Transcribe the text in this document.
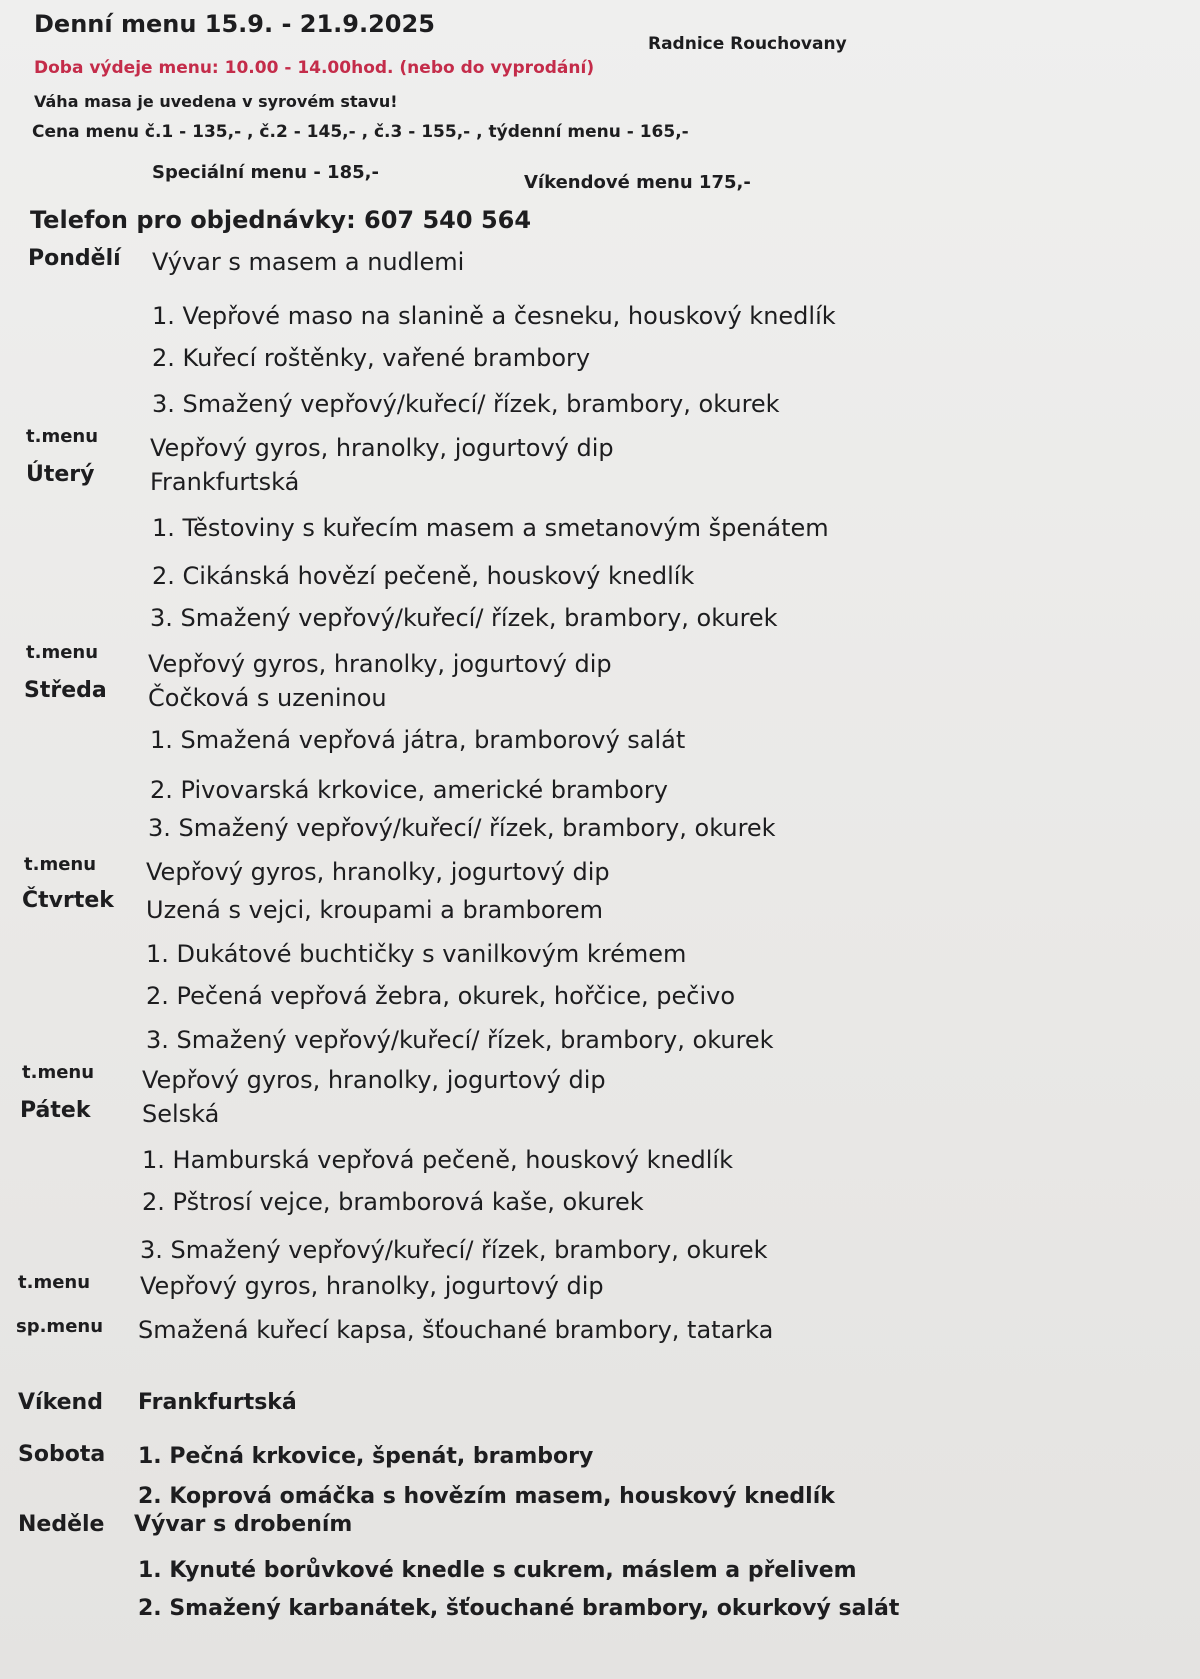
Denní menu 15.9. - 21.9.2025
Radnice Rouchovany
Doba výdeje menu: 10.00 - 14.00hod. (nebo do vyprodání)
Váha masa je uvedena v syrovém stavu!
Cena menu č.1 - 135,- , č.2 - 145,- , č.3 - 155,- , týdenní menu - 165,-
Speciální menu - 185,-	Víkendové menu 175,-
Telefon pro objednávky: 607 540 564
Pondělí Vývar s masem a nudlemi
1. Vepřové maso na slanině a česneku, houskový knedlík
2. Kuřecí roštěnky, vařené brambory
3. Smažený vepřový/kuřecí/ řízek, brambory, okurek
t.menu Vepřový gyros, hranolky, jogurtový dip
Úterý Frankfurtská
1. Těstoviny s kuřecím masem a smetanovým špenátem
2. Cikánská hovězí pečeně, houskový knedlík
3. Smažený vepřový/kuřecí/ řízek, brambory, okurek
t.menu Vepřový gyros, hranolky, jogurtový dip
Středa Čočková s uzeninou
1. Smažená vepřová játra, bramborový salát
2. Pivovarská krkovice, americké brambory
3. Smažený vepřový/kuřecí/ řízek, brambory, okurek
t.menu Vepřový gyros, hranolky, jogurtový dip
Čtvrtek Uzená s vejci, kroupami a bramborem
1. Dukátové buchtičky s vanilkovým krémem
2. Pečená vepřová žebra, okurek, hořčice, pečivo
3. Smažený vepřový/kuřecí/ řízek, brambory, okurek
t.menu Vepřový gyros, hranolky, jogurtový dip
Pátek Selská
1. Hamburská vepřová pečeně, houskový knedlík
2. Pštrosí vejce, bramborová kaše, okurek
3. Smažený vepřový/kuřecí/ řízek, brambory, okurek
t.menu Vepřový gyros, hranolky, jogurtový dip
sp.menu Smažená kuřecí kapsa, šťouchané brambory, tatarka
Víkend Frankfurtská
Sobota 1. Pečná krkovice, špenát, brambory
2. Koprová omáčka s hovězím masem, houskový knedlík
Neděle Vývar s drobením
1. Kynuté borůvkové knedle s cukrem, máslem a přelivem
2. Smažený karbanátek, šťouchané brambory, okurkový salát
